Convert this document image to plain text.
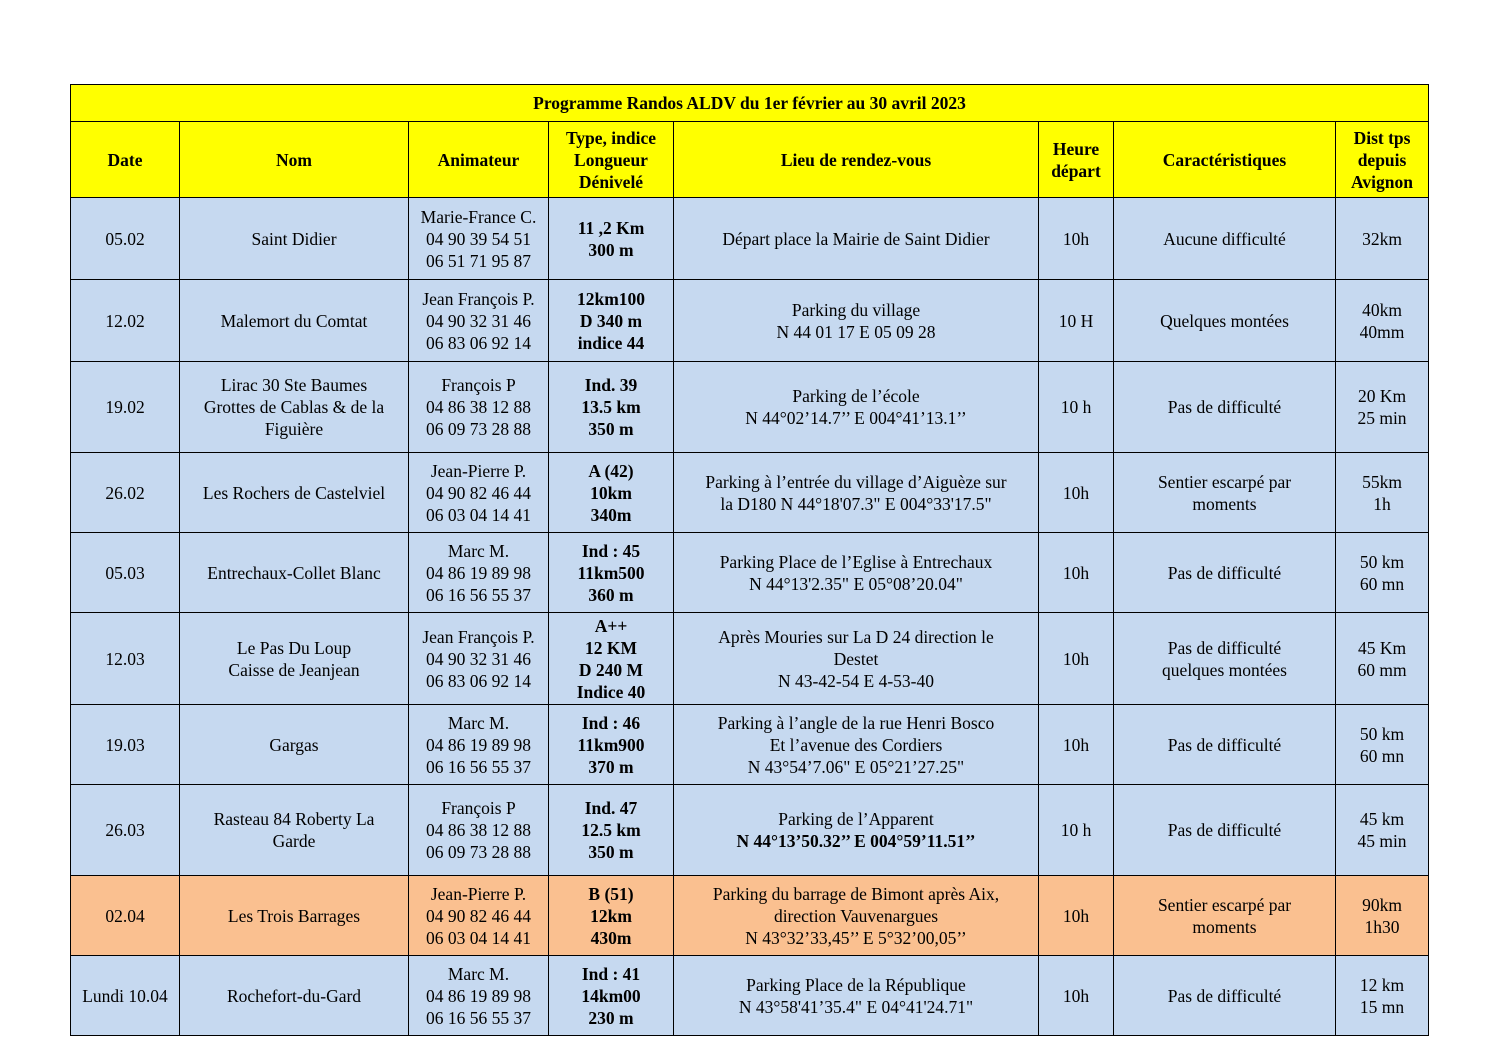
Programme Randos ALDV du 1er février au 30 avril 2023							
Date	Nom	Animateur	Type, indice
Longueur
Dénivelé	Lieu de rendez-vous	Heure
départ	Caractéristiques	Dist tps
depuis
Avignon

05.02	Saint Didier	Marie-France C.
04 90 39 54 51
06 51 71 95 87	11 ,2 Km
300 m	Départ place la Mairie de Saint Didier	10h	Aucune difficulté	32km

12.02	Malemort du Comtat	Jean François P.
04 90 32 31 46
06 83 06 92 14	12km100
D 340 m
indice 44	Parking du village
N 44 01 17 E 05 09 28	10 H	Quelques montées	40km
40mm

19.02	Lirac 30 Ste Baumes
Grottes de Cablas & de la
Figuière	François P
04 86 38 12 88
06 09 73 28 88	Ind. 39
13.5 km
350 m	Parking de l’école
N 44°02’14.7’’ E 004°41’13.1’’	10 h	Pas de difficulté	20 Km
25 min

26.02	Les Rochers de Castelviel	Jean-Pierre P.
04 90 82 46 44
06 03 04 14 41	A (42)
10km
340m	Parking à l’entrée du village d’Aiguèze sur
la D180 N 44°18'07.3" E 004°33'17.5"	10h	Sentier escarpé par
moments	55km
1h

05.03	Entrechaux-Collet Blanc	Marc M.
04 86 19 89 98
06 16 56 55 37	Ind : 45
11km500
360 m	Parking Place de l’Eglise à Entrechaux
N 44°13'2.35" E 05°08’20.04"	10h	Pas de difficulté	50 km
60 mn

12.03	Le Pas Du Loup
Caisse de Jeanjean	Jean François P.
04 90 32 31 46
06 83 06 92 14	A++
12 KM
D 240 M
Indice 40	Après Mouries sur La D 24 direction le
Destet
N 43-42-54 E 4-53-40	10h	Pas de difficulté
quelques montées	45 Km
60 mm

19.03	Gargas	Marc M.
04 86 19 89 98
06 16 56 55 37	Ind : 46
11km900
370 m	Parking à l’angle de la rue Henri Bosco
Et l’avenue des Cordiers
N 43°54’7.06" E 05°21’27.25"	10h	Pas de difficulté	50 km
60 mn

26.03	Rasteau 84 Roberty La
Garde	François P
04 86 38 12 88
06 09 73 28 88	Ind. 47
12.5 km
350 m	Parking de l’Apparent
N 44°13’50.32’’ E 004°59’11.51’’	10 h	Pas de difficulté	45 km
45 min

02.04	Les Trois Barrages	Jean-Pierre P.
04 90 82 46 44
06 03 04 14 41	B (51)
12km
430m	Parking du barrage de Bimont après Aix,
direction Vauvenargues
N 43°32’33,45’’ E 5°32’00,05’’	10h	Sentier escarpé par
moments	90km
1h30

Lundi 10.04	Rochefort-du-Gard	Marc M.
04 86 19 89 98
06 16 56 55 37	Ind : 41
14km00
230 m	Parking Place de la République
N 43°58'41’35.4" E 04°41'24.71"	10h	Pas de difficulté	12 km
15 mn
